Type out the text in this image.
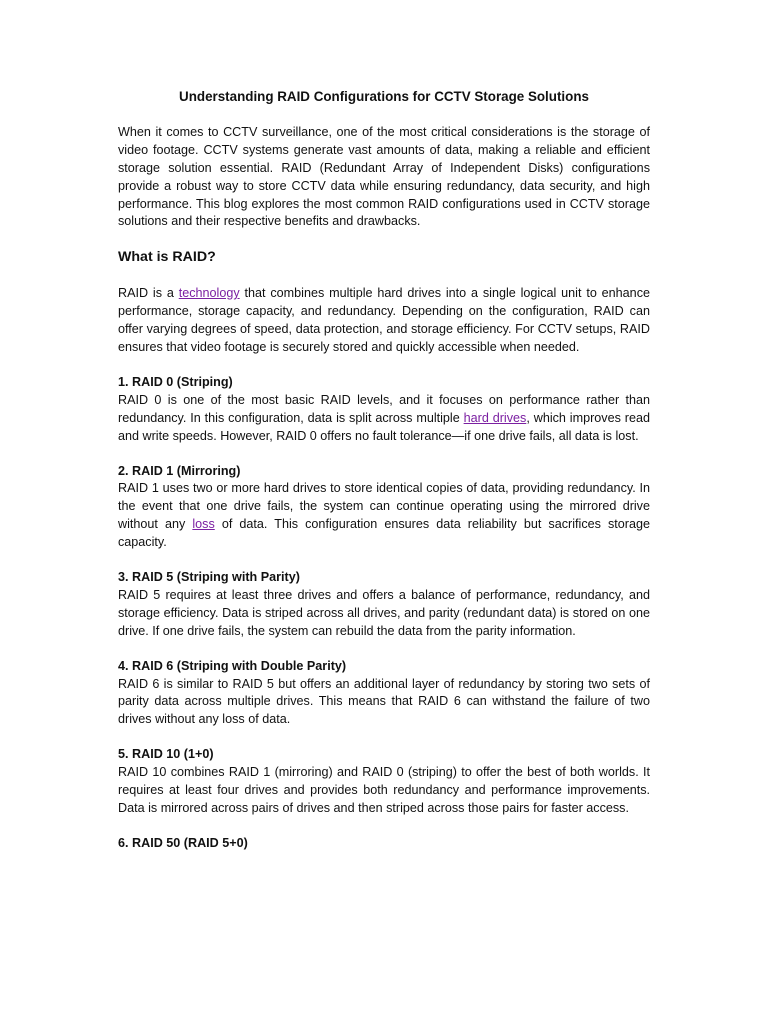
Understanding RAID Configurations for CCTV Storage Solutions

When it comes to CCTV surveillance, one of the most critical considerations is the storage of video footage. CCTV systems generate vast amounts of data, making a reliable and efficient storage solution essential. RAID (Redundant Array of Independent Disks) configurations provide a robust way to store CCTV data while ensuring redundancy, data security, and high performance. This blog explores the most common RAID configurations used in CCTV storage solutions and their respective benefits and drawbacks.

What is RAID?

RAID is a technology that combines multiple hard drives into a single logical unit to enhance performance, storage capacity, and redundancy. Depending on the configuration, RAID can offer varying degrees of speed, data protection, and storage efficiency. For CCTV setups, RAID ensures that video footage is securely stored and quickly accessible when needed.

1. RAID 0 (Striping)

RAID 0 is one of the most basic RAID levels, and it focuses on performance rather than redundancy. In this configuration, data is split across multiple hard drives, which improves read and write speeds. However, RAID 0 offers no fault tolerance—if one drive fails, all data is lost.

2. RAID 1 (Mirroring)

RAID 1 uses two or more hard drives to store identical copies of data, providing redundancy. In the event that one drive fails, the system can continue operating using the mirrored drive without any loss of data. This configuration ensures data reliability but sacrifices storage capacity.

3. RAID 5 (Striping with Parity)

RAID 5 requires at least three drives and offers a balance of performance, redundancy, and storage efficiency. Data is striped across all drives, and parity (redundant data) is stored on one drive. If one drive fails, the system can rebuild the data from the parity information.

4. RAID 6 (Striping with Double Parity)

RAID 6 is similar to RAID 5 but offers an additional layer of redundancy by storing two sets of parity data across multiple drives. This means that RAID 6 can withstand the failure of two drives without any loss of data.

5. RAID 10 (1+0)

RAID 10 combines RAID 1 (mirroring) and RAID 0 (striping) to offer the best of both worlds. It requires at least four drives and provides both redundancy and performance improvements. Data is mirrored across pairs of drives and then striped across those pairs for faster access.

6. RAID 50 (RAID 5+0)
